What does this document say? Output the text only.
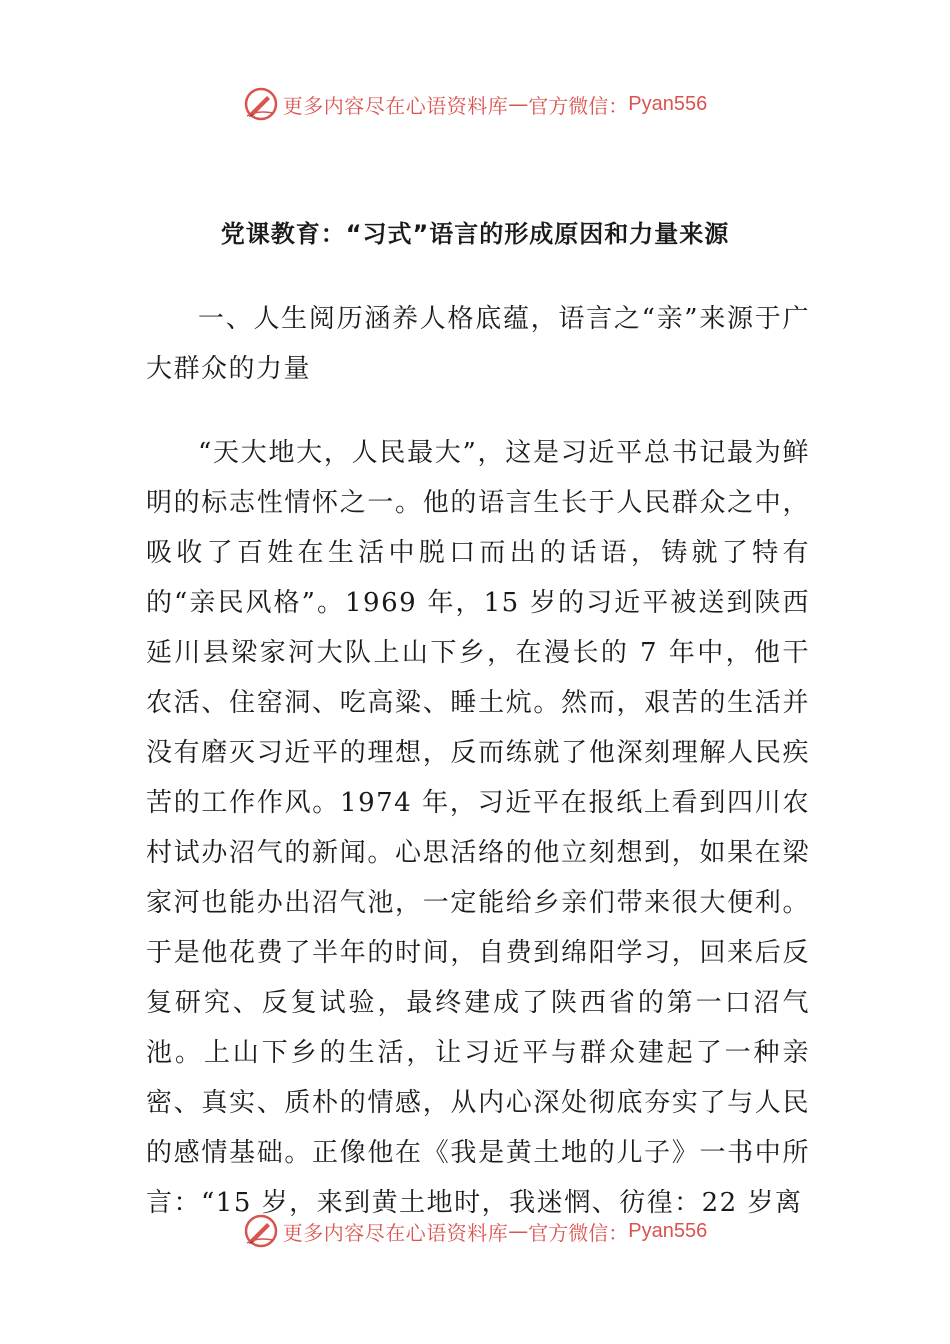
更多内容尽在心语资料库 — 官方微信： Pyan556
党课教育：“习式”语言的形成原因和力量来源

一、人生阅历涵养人格底蕴，语言之“亲”来源于广大群众的力量

“天大地大，人民最大”，这是习近平总书记最为鲜明的标志性情怀之一。他的语言生长于人民群众之中，吸收了百姓在生活中脱口而出的话语，铸就了特有的“亲民风格”。1969 年，15 岁的习近平被送到陕西延川县梁家河大队上山下乡，在漫长的 7 年中，他干农活、住窑洞、吃高粱、睡土炕。然而，艰苦的生活并没有磨灭习近平的理想，反而练就了他深刻理解人民疾苦的工作作风。1974 年，习近平在报纸上看到四川农村试办沼气的新闻。心思活络的他立刻想到，如果在梁家河也能办出沼气池，一定能给乡亲们带来很大便利。于是他花费了半年的时间，自费到绵阳学习，回来后反复研究、反复试验，最终建成了陕西省的第一口沼气池。上山下乡的生活，让习近平与群众建起了一种亲密、真实、质朴的情感，从内心深处彻底夯实了与人民的感情基础。正像他在《我是黄土地的儿子》一书中所言：“15 岁，来到黄土地时，我迷惘、彷徨：22 岁离

更多内容尽在心语资料库 — 官方微信： Pyan556
